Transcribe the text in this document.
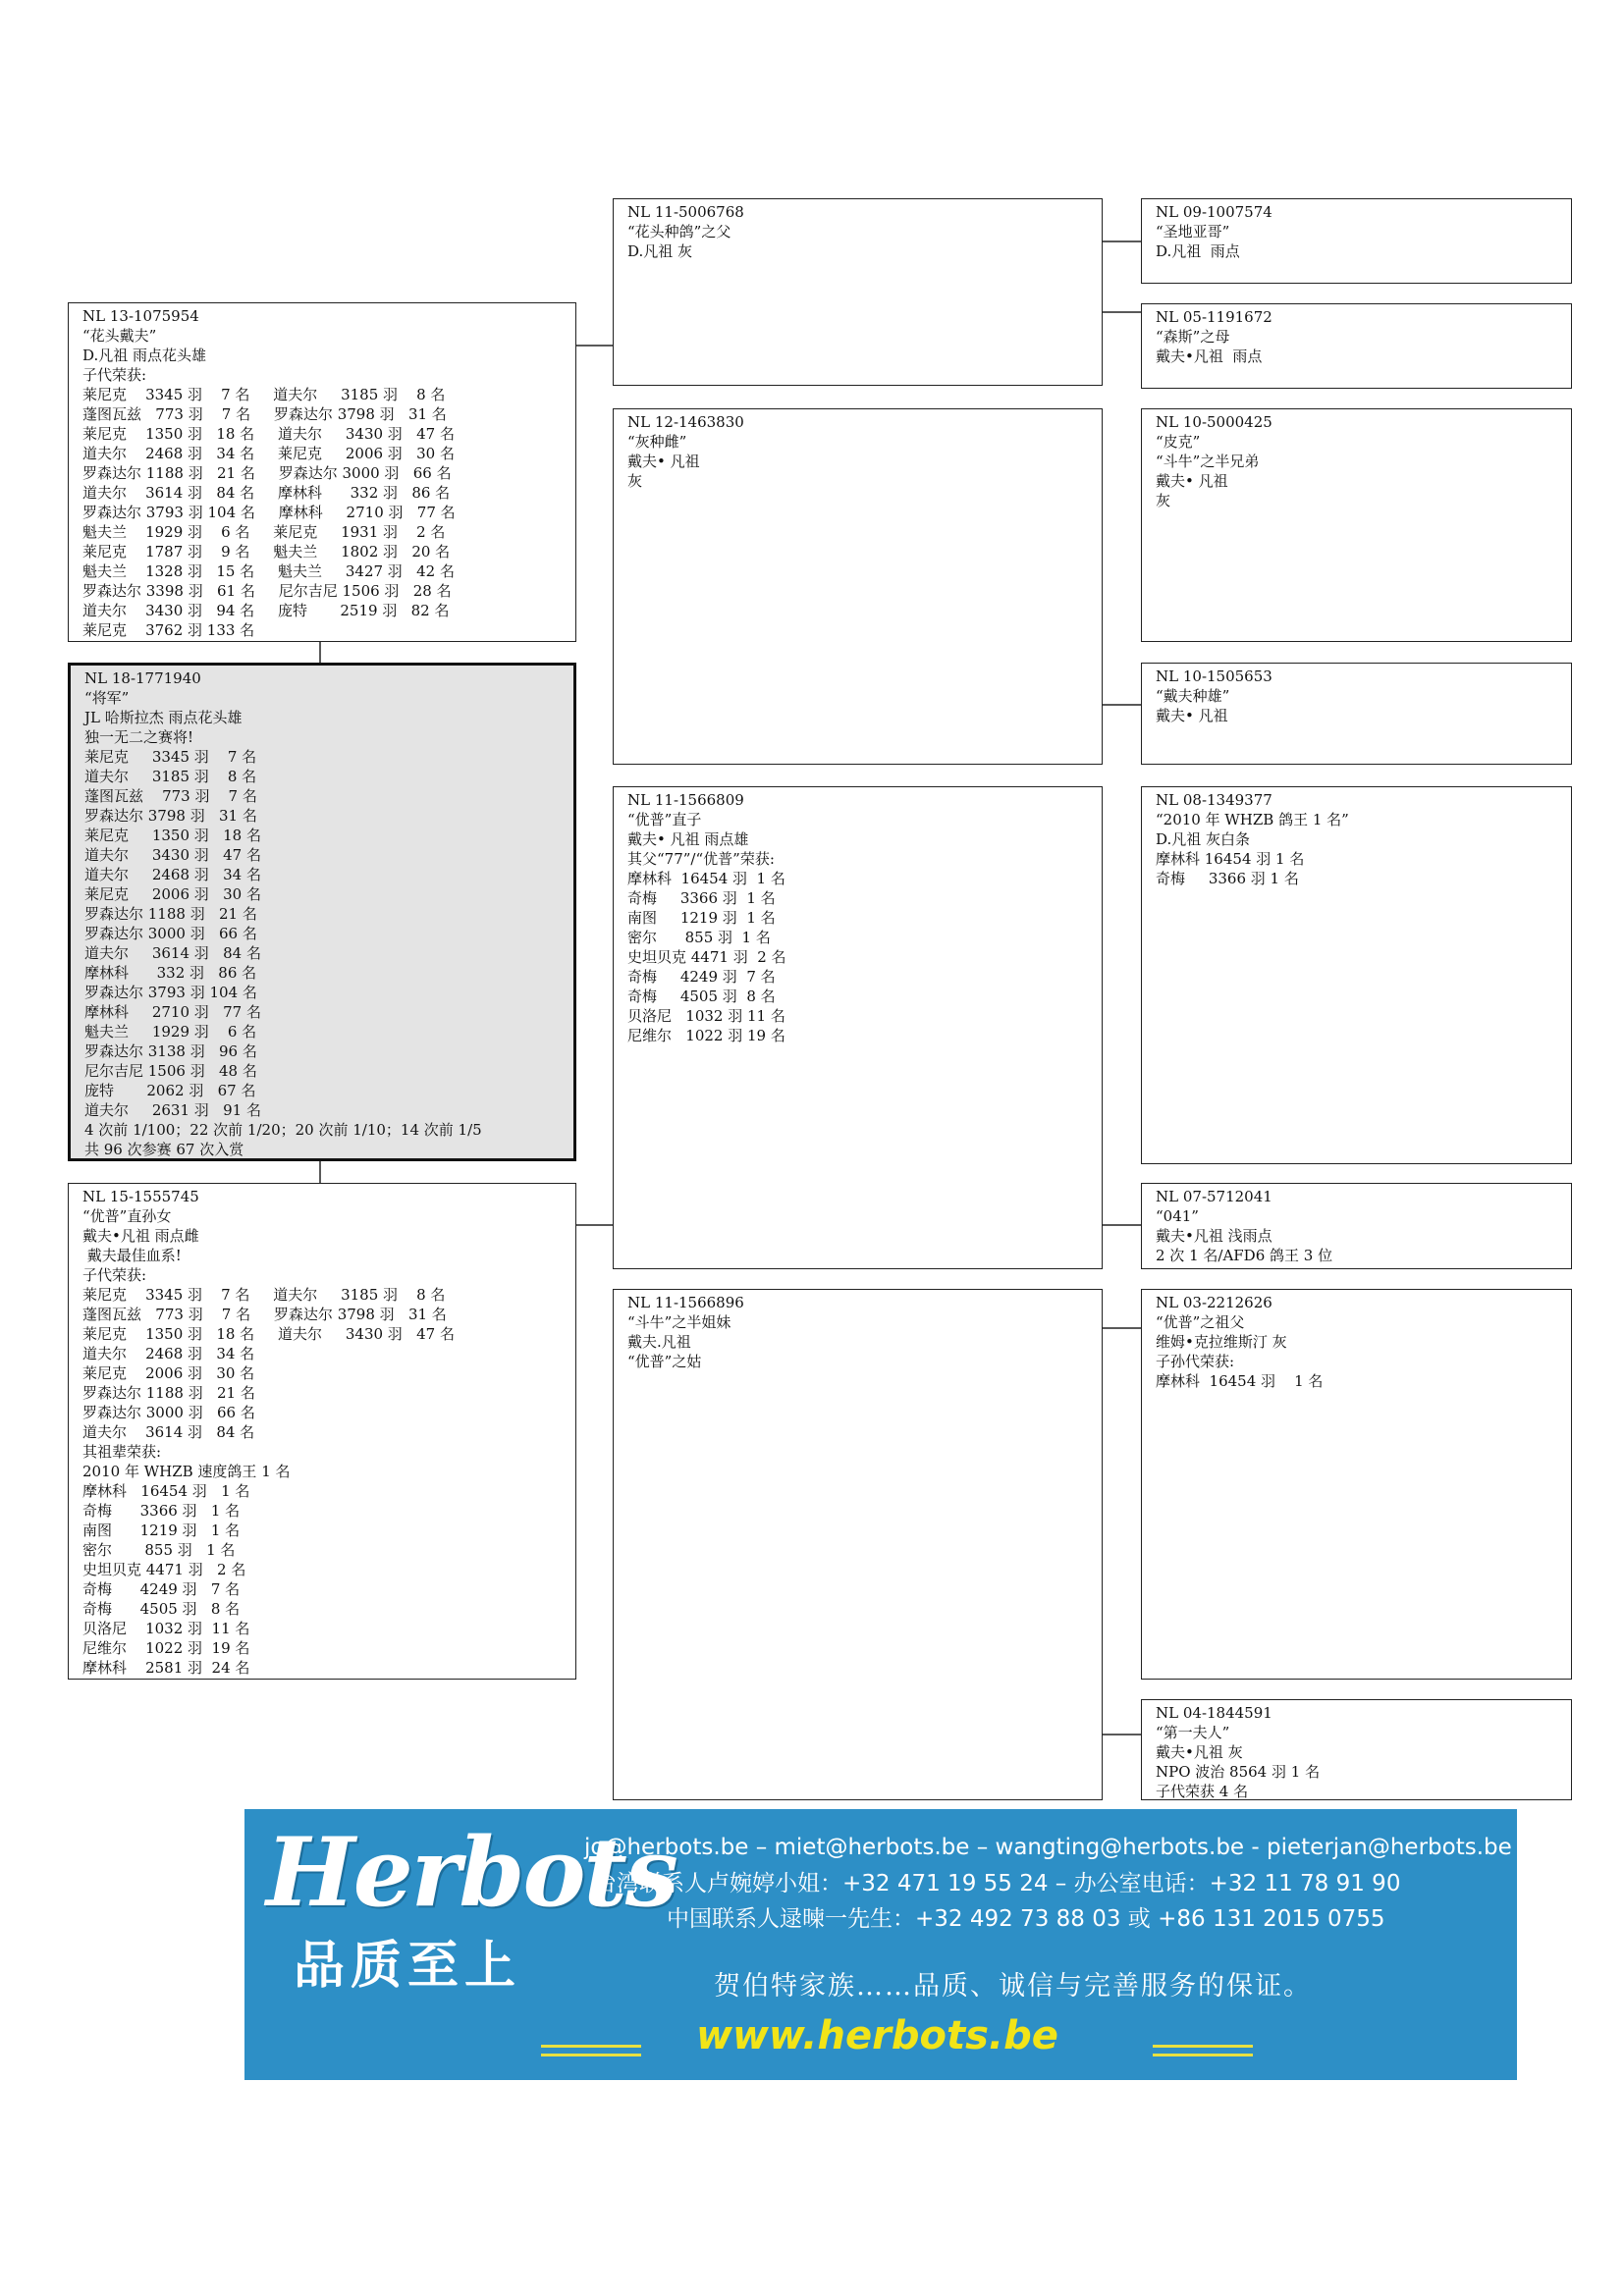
NL 13-1075954
“花头戴夫”
D.凡祖 雨点花头雄
子代荣获:
莱尼克    3345 羽    7 名     道夫尔     3185 羽    8 名
蓬图瓦兹   773 羽    7 名     罗森达尔 3798 羽   31 名
莱尼克    1350 羽   18 名     道夫尔     3430 羽   47 名
道夫尔    2468 羽   34 名     莱尼克     2006 羽   30 名
罗森达尔 1188 羽   21 名     罗森达尔 3000 羽   66 名
道夫尔    3614 羽   84 名     摩林科      332 羽   86 名
罗森达尔 3793 羽 104 名     摩林科     2710 羽   77 名
魁夫兰    1929 羽    6 名     莱尼克     1931 羽    2 名
莱尼克    1787 羽    9 名     魁夫兰     1802 羽   20 名
魁夫兰    1328 羽   15 名     魁夫兰     3427 羽   42 名
罗森达尔 3398 羽   61 名     尼尔吉尼 1506 羽   28 名
道夫尔    3430 羽   94 名     庞特       2519 羽   82 名
莱尼克    3762 羽 133 名
NL 18-1771940
“将军”
JL 哈斯拉杰 雨点花头雄
独一无二之赛将!
莱尼克     3345 羽    7 名
道夫尔     3185 羽    8 名
蓬图瓦兹    773 羽    7 名
罗森达尔 3798 羽   31 名
莱尼克     1350 羽   18 名
道夫尔     3430 羽   47 名
道夫尔     2468 羽   34 名
莱尼克     2006 羽   30 名
罗森达尔 1188 羽   21 名
罗森达尔 3000 羽   66 名
道夫尔     3614 羽   84 名
摩林科      332 羽   86 名
罗森达尔 3793 羽 104 名
摩林科     2710 羽   77 名
魁夫兰     1929 羽    6 名
罗森达尔 3138 羽   96 名
尼尔吉尼 1506 羽   48 名
庞特       2062 羽   67 名
道夫尔     2631 羽   91 名
4 次前 1/100；22 次前 1/20；20 次前 1/10；14 次前 1/5
共 96 次参赛 67 次入赏
NL 15-1555745
“优普”直孙女
戴夫•凡祖 雨点雌
戴夫最佳血系!
子代荣获:
莱尼克    3345 羽    7 名     道夫尔     3185 羽    8 名
蓬图瓦兹   773 羽    7 名     罗森达尔 3798 羽   31 名
莱尼克    1350 羽   18 名     道夫尔     3430 羽   47 名
道夫尔    2468 羽   34 名
莱尼克    2006 羽   30 名
罗森达尔 1188 羽   21 名
罗森达尔 3000 羽   66 名
道夫尔    3614 羽   84 名
其祖辈荣获:
2010 年 WHZB 速度鸽王 1 名
摩林科   16454 羽   1 名
奇梅      3366 羽   1 名
南图      1219 羽   1 名
密尔       855 羽   1 名
史坦贝克 4471 羽   2 名
奇梅      4249 羽   7 名
奇梅      4505 羽   8 名
贝洛尼    1032 羽  11 名
尼维尔    1022 羽  19 名
摩林科    2581 羽  24 名
NL 11-5006768
“花头种鸽”之父
D.凡祖 灰
NL 12-1463830
“灰种雌”
戴夫• 凡祖
灰
NL 11-1566809
“优普”直子
戴夫• 凡祖 雨点雄
其父“77”/“优普”荣获:
摩林科  16454 羽  1 名
奇梅     3366 羽  1 名
南图     1219 羽  1 名
密尔      855 羽  1 名
史坦贝克 4471 羽  2 名
奇梅     4249 羽  7 名
奇梅     4505 羽  8 名
贝洛尼   1032 羽 11 名
尼维尔   1022 羽 19 名
NL 11-1566896
“斗牛”之半姐妹
戴夫.凡祖
“优普”之姑
NL 09-1007574
“圣地亚哥”
D.凡祖  雨点
NL 05-1191672
“森斯”之母
戴夫•凡祖  雨点
NL 10-5000425
“皮克”
“斗牛”之半兄弟
戴夫• 凡祖
灰
NL 10-1505653
“戴夫种雄”
戴夫• 凡祖
NL 08-1349377
“2010 年 WHZB 鸽王 1 名”
D.凡祖 灰白条
摩林科 16454 羽 1 名
奇梅     3366 羽 1 名
NL 07-5712041
“041”
戴夫•凡祖 浅雨点
2 次 1 名/AFD6 鸽王 3 位
NL 03-2212626
“优普”之祖父
维姆•克拉维斯汀 灰
子孙代荣获:
摩林科  16454 羽    1 名
NL 04-1844591
“第一夫人”
戴夫•凡祖 灰
NPO 波治 8564 羽 1 名
子代荣获 4 名
Herbots
品质至上
jo@herbots.be – miet@herbots.be – wangting@herbots.be - pieterjan@herbots.be
台湾联系人卢婉婷小姐：+32 471 19 55 24 – 办公室电话：+32 11 78 91 90
中国联系人逯暕一先生：+32 492 73 88 03 或 +86 131 2015 0755
贺伯特家族……品质、诚信与完善服务的保证。
www.herbots.be
